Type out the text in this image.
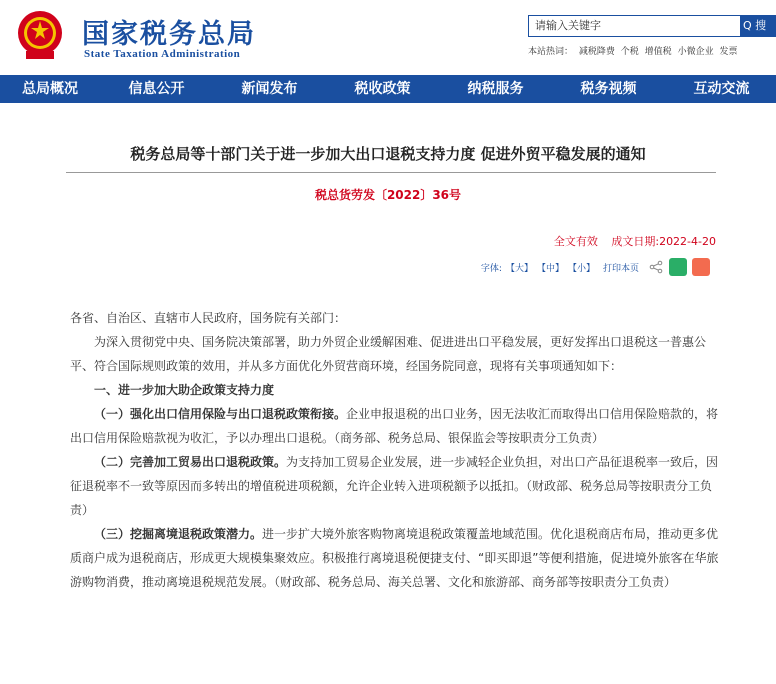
国家税务总局
State Taxation Administration
请输入关键字	Q 搜
本站热词： 减税降费 个税 增值税 小微企业 发票
总局概况	信息公开	新闻发布	税收政策	纳税服务	税务视频	互动交流
税务总局等十部门关于进一步加大出口退税支持力度 促进外贸平稳发展的通知
税总货劳发〔2022〕36号
全文有效 成文日期:2022-4-20
字体: 【大】 【中】 【小】 打印本页

各省、自治区、直辖市人民政府，国务院有关部门：

为深入贯彻党中央、国务院决策部署，助力外贸企业缓解困难、促进进出口平稳发展，更好发挥出口退税这一普惠公平、符合国际规则政策的效用，并从多方面优化外贸营商环境，经国务院同意，现将有关事项通知如下：

一、进一步加大助企政策支持力度

（一）强化出口信用保险与出口退税政策衔接。企业申报退税的出口业务，因无法收汇而取得出口信用保险赔款的，将出口信用保险赔款视为收汇，予以办理出口退税。（商务部、税务总局、银保监会等按职责分工负责）

（二）完善加工贸易出口退税政策。为支持加工贸易企业发展，进一步减轻企业负担，对出口产品征退税率一致后，因征退税率不一致等原因而多转出的增值税进项税额，允许企业转入进项税额予以抵扣。（财政部、税务总局等按职责分工负责）

（三）挖掘离境退税政策潜力。进一步扩大境外旅客购物离境退税政策覆盖地域范围。优化退税商店布局，推动更多优质商户成为退税商店，形成更大规模集聚效应。积极推行离境退税便捷支付、“即买即退”等便利措施，促进境外旅客在华旅游购物消费，推动离境退税规范发展。（财政部、税务总局、海关总署、文化和旅游部、商务部等按职责分工负责）
